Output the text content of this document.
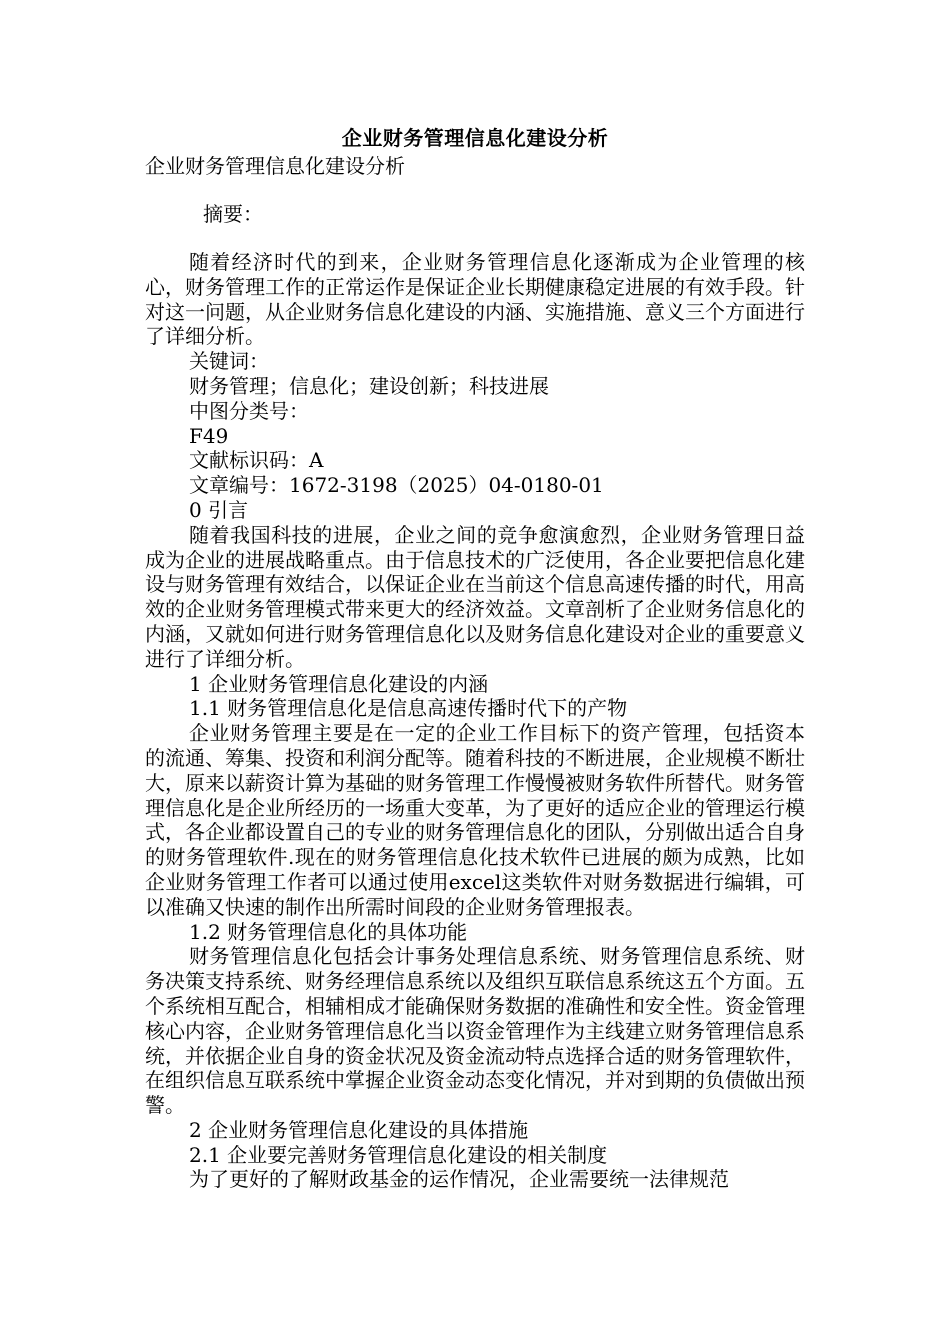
企业财务管理信息化建设分析
企业财务管理信息化建设分析
摘要：

随着经济时代的到来，企业财务管理信息化逐渐成为企业管理的核心，财务管理工作的正常运作是保证企业长期健康稳定进展的有效手段。针对这一问题，从企业财务信息化建设的内涵、实施措施、意义三个方面进行了详细分析。

关键词：
财务管理；信息化；建设创新；科技进展
中图分类号：
F49
文献标识码：A
文章编号：1672-3198（2025）04-0180-01
0 引言

随着我国科技的进展，企业之间的竞争愈演愈烈，企业财务管理日益成为企业的进展战略重点。由于信息技术的广泛使用，各企业要把信息化建设与财务管理有效结合，以保证企业在当前这个信息高速传播的时代，用高效的企业财务管理模式带来更大的经济效益。文章剖析了企业财务信息化的内涵，又就如何进行财务管理信息化以及财务信息化建设对企业的重要意义进行了详细分析。

1 企业财务管理信息化建设的内涵
1.1 财务管理信息化是信息高速传播时代下的产物

企业财务管理主要是在一定的企业工作目标下的资产管理，包括资本的流通、筹集、投资和利润分配等。随着科技的不断进展，企业规模不断壮大，原来以薪资计算为基础的财务管理工作慢慢被财务软件所替代。财务管理信息化是企业所经历的一场重大变革，为了更好的适应企业的管理运行模式，各企业都设置自己的专业的财务管理信息化的团队，分别做出适合自身的财务管理软件.现在的财务管理信息化技术软件已进展的颇为成熟，比如企业财务管理工作者可以通过使用excel这类软件对财务数据进行编辑，可以准确又快速的制作出所需时间段的企业财务管理报表。

1.2 财务管理信息化的具体功能

财务管理信息化包括会计事务处理信息系统、财务管理信息系统、财务决策支持系统、财务经理信息系统以及组织互联信息系统这五个方面。五个系统相互配合，相辅相成才能确保财务数据的准确性和安全性。资金管理核心内容，企业财务管理信息化当以资金管理作为主线建立财务管理信息系统，并依据企业自身的资金状况及资金流动特点选择合适的财务管理软件，在组织信息互联系统中掌握企业资金动态变化情况，并对到期的负债做出预警。

2 企业财务管理信息化建设的具体措施
2.1 企业要完善财务管理信息化建设的相关制度

为了更好的了解财政基金的运作情况，企业需要统一法律规范
